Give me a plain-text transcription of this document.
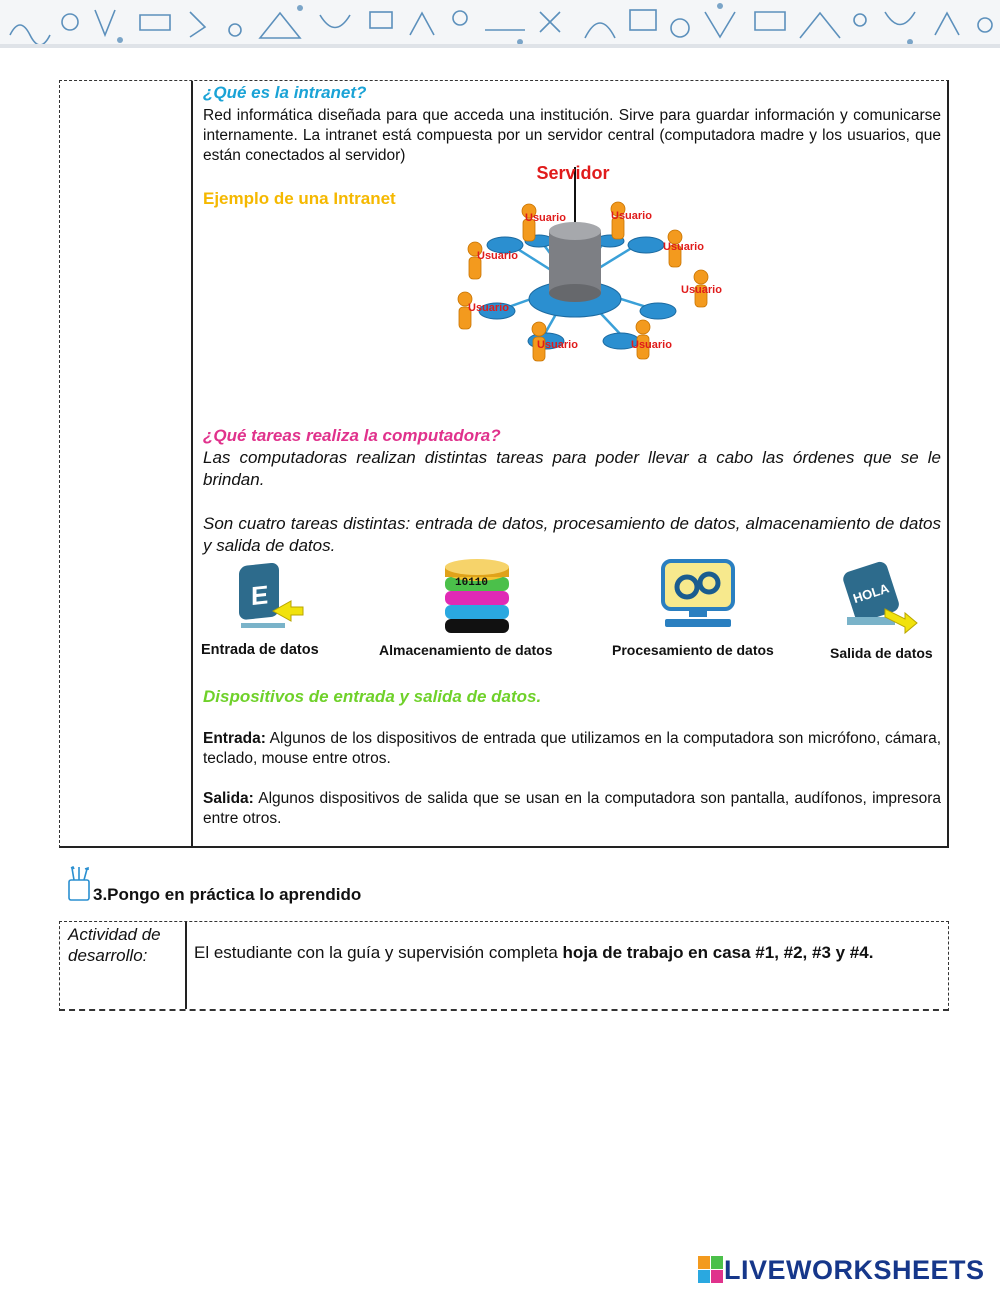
¿Qué es la intranet?

Red informática diseñada para que acceda una institución. Sirve para guardar información y comunicarse internamente. La intranet está compuesta por un servidor central (computadora madre y los usuarios, que están conectados al servidor)

Ejemplo de una Intranet
Servidor
Usuario	Usuario
Usuario
Usuario
Usuario
Usuario
Usuario	Usuario
¿Qué tareas realiza la computadora?

Las computadoras realizan distintas tareas para poder llevar a cabo las órdenes que se le brindan.

Son cuatro tareas distintas: entrada de datos, procesamiento de datos, almacenamiento de datos y salida de datos.

E	10110	HOLA
Entrada de datos	Almacenamiento de datos	Procesamiento de datos	Salida de datos
Dispositivos de entrada y salida de datos.

Entrada: Algunos de los dispositivos de entrada que utilizamos en la computadora son micrófono, cámara, teclado, mouse entre otros.

Salida: Algunos dispositivos de salida que se usan en la computadora son pantalla, audífonos, impresora entre otros.

3.Pongo en práctica lo aprendido
Actividad de desarrollo:	El estudiante con la guía y supervisión completa hoja de trabajo en casa #1, #2, #3 y #4.
LIVEWORKSHEETS
